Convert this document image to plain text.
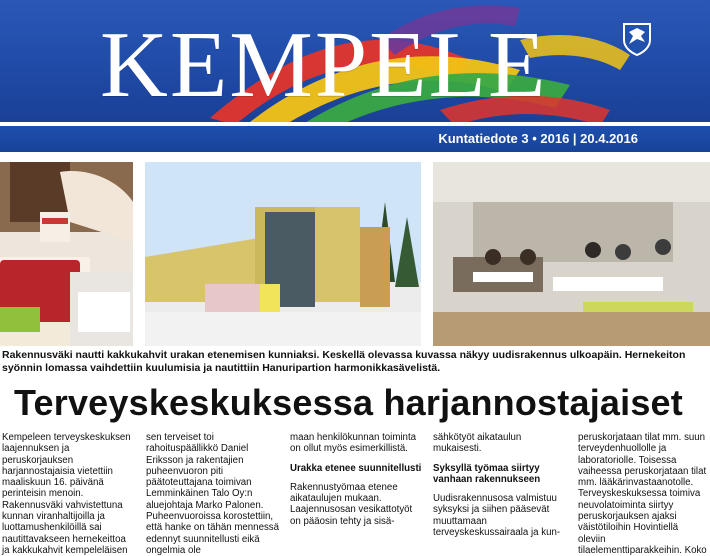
KEMPELE
Kuntatiedote 3 • 2016 | 20.4.2016
Rakennusväki nautti kakkukahvit urakan etenemisen kunniaksi. Keskellä olevassa kuvassa näkyy uudisrakennus ulkoapäin. Hernekeiton syönnin lomassa vaihdettiin kuulumisia ja nautittiin Hanuripartion harmonikkasävelistä.
Terveyskeskuksessa harjannostajaiset

Kempeleen terveyskeskuksen laajennuksen ja peruskorjauksen harjannostajaisia vietettiin maaliskuun 16. päivänä perinteisin menoin. Rakennusväki vahvistettuna kunnan viranhaltijoilla ja luottamushenkilöillä sai nautittavakseen hernekeittoa ja kakkukahvit kempeleläisen

sen terveiset toi rahoituspäällikkö Daniel Eriksson ja rakentajien puheenvuoron piti päätoteuttajana toimivan Lemminkäinen Talo Oy:n aluejohtaja Marko Palonen. Puheenvuoroissa korostettiin, että hanke on tähän mennessä edennyt suunnitellusti eikä ongelmia ole

maan henkilökunnan toiminta on ollut myös esimerkillistä.

Urakka etenee suunnitellusti

Rakennustyömaa etenee aikataulujen mukaan. Laajennusosan vesikattotyöt on pääosin tehty ja sisä-

sähkötyöt aikataulun mukaisesti.

Syksyllä työmaa siirtyy vanhaan rakennukseen

Uudisrakennusosa valmistuu syksyksi ja siihen pääsevät muuttamaan terveyskeskussairaala ja kun-

peruskorjataan tilat mm. suun terveydenhuollolle ja laboratoriolle. Toisessa vaiheessa peruskorjataan tilat mm. lääkärinvastaanotolle. Terveyskeskuksessa toimiva neuvolatoiminta siirtyy peruskorjauksen ajaksi väistötiloihin Hovintiellä oleviin tilaelementtiparakkeihin. Koko
